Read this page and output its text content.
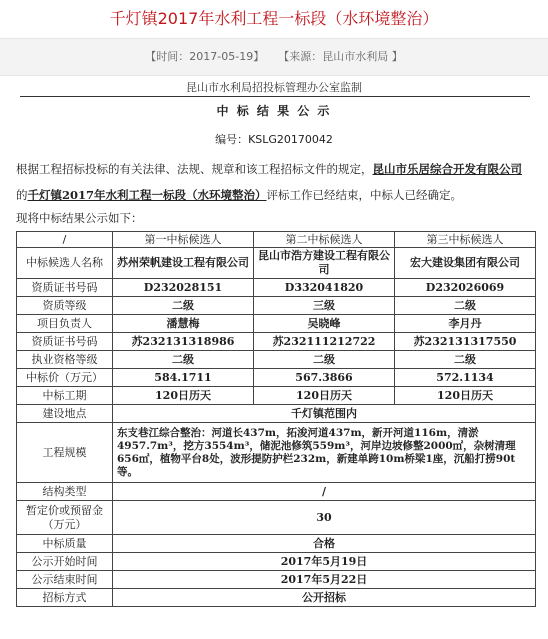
千灯镇2017年水利工程一标段（水环境整治）
【时间：2017-05-19】 【来源：昆山市水利局 】
昆山市水利局招投标管理办公室监制
中 标 结 果 公 示
编号：KSLG20170042
根据工程招标投标的有关法律、法规、规章和该工程招标文件的规定，昆山市乐居综合开发有限公司 的千灯镇2017年水利工程一标段（水环境整治）评标工作已经结束，中标人已经确定。
现将中标结果公示如下：
/	第一中标候选人	第二中标候选人	第三中标候选人
中标候选人名称	苏州荣帆建设工程有限公司	昆山市浩方建设工程有限公司	宏大建设集团有限公司
资质证书号码	D232028151	D332041820	D232026069
资质等级	二级	三级	二级
项目负责人	潘慧梅	吴晓峰	李月丹
资质证书号码	苏232131318986	苏232111212722	苏232131317550
执业资格等级	二级	二级	二级
中标价（万元）	584.1711	567.3866	572.1134
中标工期	120日历天	120日历天	120日历天
建设地点	千灯镇范围内		
工程规模	东支巷江综合整治：河道长437m，拓浚河道437m，新开河道116m，清淤4957.7m³，挖方3554m³，储泥池修筑559m³，河岸边坡修整2000㎡，杂树清理656㎡，植物平台8处，波形提防护栏232m，新建单跨10m桥梁1座，沉船打捞90t等。		
结构类型	/		
暂定价或预留金（万元）	30		
中标质量	合格		
公示开始时间	2017年5月19日		
公示结束时间	2017年5月22日		
招标方式	公开招标		
